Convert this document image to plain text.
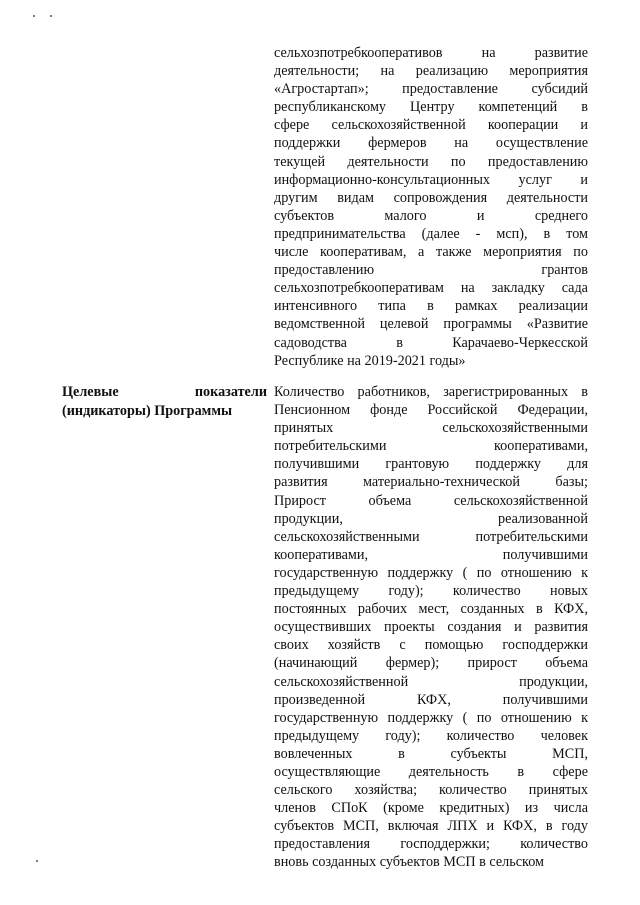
сельхозпотребкооперативов на развитие
деятельности; на реализацию мероприятия
«Агростартап»; предоставление субсидий
республиканскому Центру компетенций в
сфере сельскохозяйственной кооперации и
поддержки фермеров на осуществление
текущей деятельности по предоставлению
информационно-консультационных услуг и
другим видам сопровождения деятельности
субъектов малого и среднего
предпринимательства (далее - мсп), в том
числе кооперативам, а также мероприятия по
предоставлению грантов
сельхозпотребкооперативам на закладку сада
интенсивного типа в рамках реализации
ведомственной целевой программы «Развитие
садоводства в Карачаево-Черкесской
Республике на 2019-2021 годы»
Целевые показатели
(индикаторы) Программы
Количество работников, зарегистрированных в
Пенсионном фонде Российской Федерации,
принятых сельскохозяйственными
потребительскими кооперативами,
получившими грантовую поддержку для
развития материально-технической базы;
Прирост объема сельскохозяйственной
продукции, реализованной
сельскохозяйственными потребительскими
кооперативами, получившими
государственную поддержку ( по отношению к
предыдущему году); количество новых
постоянных рабочих мест, созданных в КФХ,
осуществивших проекты создания и развития
своих хозяйств с помощью господдержки
(начинающий фермер); прирост объема
сельскохозяйственной продукции,
произведенной КФХ, получившими
государственную поддержку ( по отношению к
предыдущему году); количество человек
вовлеченных в субъекты МСП,
осуществляющие деятельность в сфере
сельского хозяйства; количество принятых
членов СПоК (кроме кредитных) из числа
субъектов МСП, включая ЛПХ и КФХ, в году
предоставления господдержки; количество
вновь созданных субъектов МСП в сельском
